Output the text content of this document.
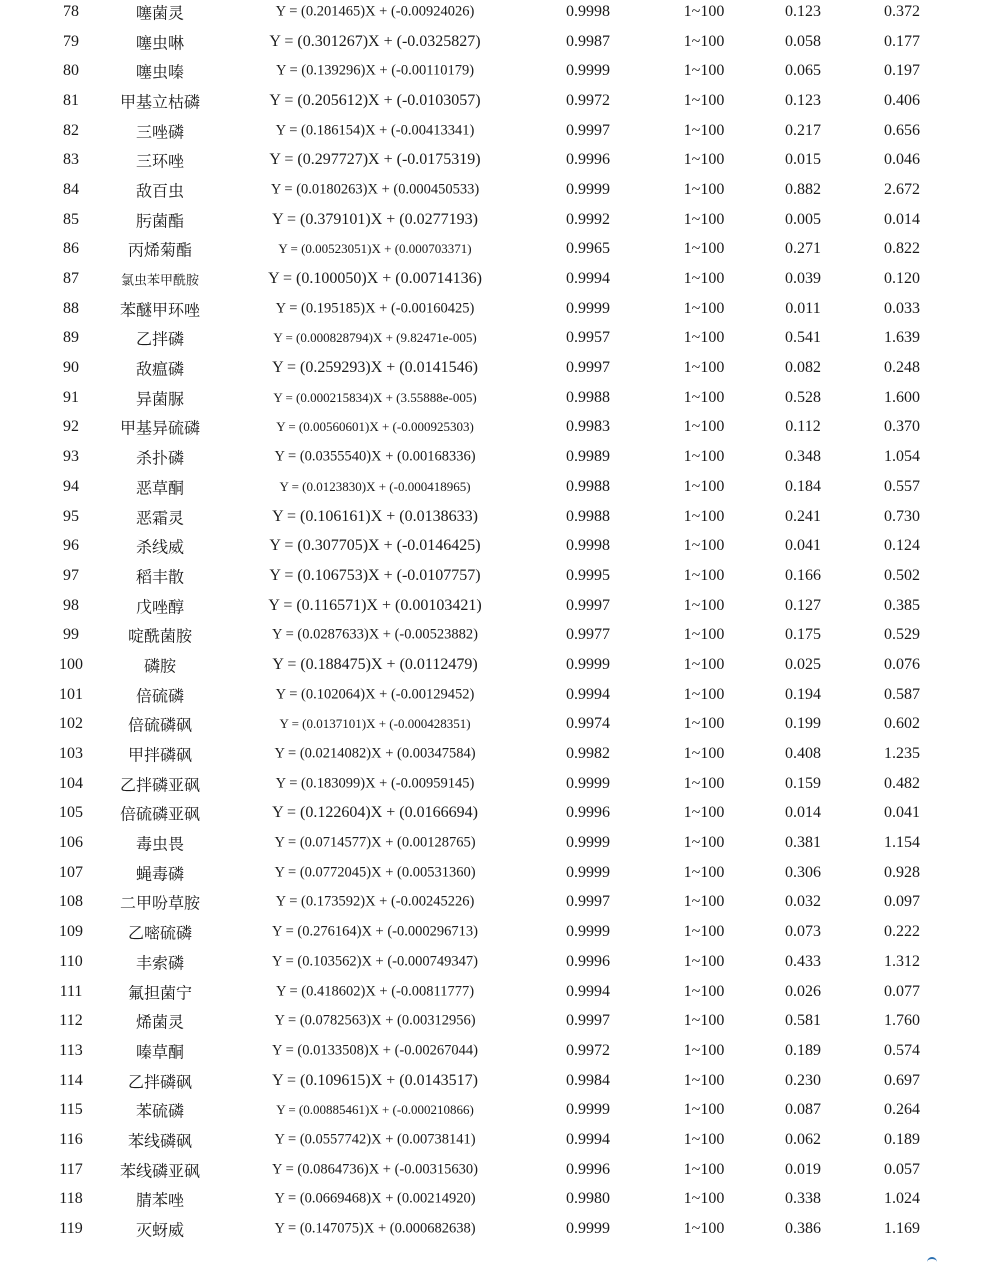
78	噻菌灵	Y = (0.201465)X + (-0.00924026)	0.9998	1~100	0.123	0.372
79	噻虫啉	Y = (0.301267)X + (-0.0325827)	0.9987	1~100	0.058	0.177
80	噻虫嗪	Y = (0.139296)X + (-0.00110179)	0.9999	1~100	0.065	0.197
81	甲基立枯磷	Y = (0.205612)X + (-0.0103057)	0.9972	1~100	0.123	0.406
82	三唑磷	Y = (0.186154)X + (-0.00413341)	0.9997	1~100	0.217	0.656
83	三环唑	Y = (0.297727)X + (-0.0175319)	0.9996	1~100	0.015	0.046
84	敌百虫	Y = (0.0180263)X + (0.000450533)	0.9999	1~100	0.882	2.672
85	肟菌酯	Y = (0.379101)X + (0.0277193)	0.9992	1~100	0.005	0.014
86	丙烯菊酯	Y = (0.00523051)X + (0.000703371)	0.9965	1~100	0.271	0.822
87	氯虫苯甲酰胺	Y = (0.100050)X + (0.00714136)	0.9994	1~100	0.039	0.120
88	苯醚甲环唑	Y = (0.195185)X + (-0.00160425)	0.9999	1~100	0.011	0.033
89	乙拌磷	Y = (0.000828794)X + (9.82471e-005)	0.9957	1~100	0.541	1.639
90	敌瘟磷	Y = (0.259293)X + (0.0141546)	0.9997	1~100	0.082	0.248
91	异菌脲	Y = (0.000215834)X + (3.55888e-005)	0.9988	1~100	0.528	1.600
92	甲基异硫磷	Y = (0.00560601)X + (-0.000925303)	0.9983	1~100	0.112	0.370
93	杀扑磷	Y = (0.0355540)X + (0.00168336)	0.9989	1~100	0.348	1.054
94	恶草酮	Y = (0.0123830)X + (-0.000418965)	0.9988	1~100	0.184	0.557
95	恶霜灵	Y = (0.106161)X + (0.0138633)	0.9988	1~100	0.241	0.730
96	杀线威	Y = (0.307705)X + (-0.0146425)	0.9998	1~100	0.041	0.124
97	稻丰散	Y = (0.106753)X + (-0.0107757)	0.9995	1~100	0.166	0.502
98	戊唑醇	Y = (0.116571)X + (0.00103421)	0.9997	1~100	0.127	0.385
99	啶酰菌胺	Y = (0.0287633)X + (-0.00523882)	0.9977	1~100	0.175	0.529
100	磷胺	Y = (0.188475)X + (0.0112479)	0.9999	1~100	0.025	0.076
101	倍硫磷	Y = (0.102064)X + (-0.00129452)	0.9994	1~100	0.194	0.587
102	倍硫磷砜	Y = (0.0137101)X + (-0.000428351)	0.9974	1~100	0.199	0.602
103	甲拌磷砜	Y = (0.0214082)X + (0.00347584)	0.9982	1~100	0.408	1.235
104 乙拌磷亚砜	Y = (0.183099)X + (-0.00959145)	0.9999	1~100	0.159	0.482
105 倍硫磷亚砜	Y = (0.122604)X + (0.0166694)	0.9996	1~100	0.014	0.041
106	毒虫畏	Y = (0.0714577)X + (0.00128765)	0.9999	1~100	0.381	1.154
107	蝇毒磷	Y = (0.0772045)X + (0.00531360)	0.9999	1~100	0.306	0.928
108 二甲吩草胺	Y = (0.173592)X + (-0.00245226)	0.9997	1~100	0.032	0.097
109	乙嘧硫磷	Y = (0.276164)X + (-0.000296713)	0.9999	1~100	0.073	0.222
110	丰索磷	Y = (0.103562)X + (-0.000749347)	0.9996	1~100	0.433	1.312
111	氟担菌宁	Y = (0.418602)X + (-0.00811777)	0.9994	1~100	0.026	0.077
112	烯菌灵	Y = (0.0782563)X + (0.00312956)	0.9997	1~100	0.581	1.760
113	嗪草酮	Y = (0.0133508)X + (-0.00267044)	0.9972	1~100	0.189	0.574
114	乙拌磷砜	Y = (0.109615)X + (0.0143517)	0.9984	1~100	0.230	0.697
115	苯硫磷	Y = (0.00885461)X + (-0.000210866)	0.9999	1~100	0.087	0.264
116	苯线磷砜	Y = (0.0557742)X + (0.00738141)	0.9994	1~100	0.062	0.189
117 苯线磷亚砜	Y = (0.0864736)X + (-0.00315630)	0.9996	1~100	0.019	0.057
118	腈苯唑	Y = (0.0669468)X + (0.00214920)	0.9980	1~100	0.338	1.024
119	灭蚜威	Y = (0.147075)X + (0.000682638)	0.9999	1~100	0.386	1.169
